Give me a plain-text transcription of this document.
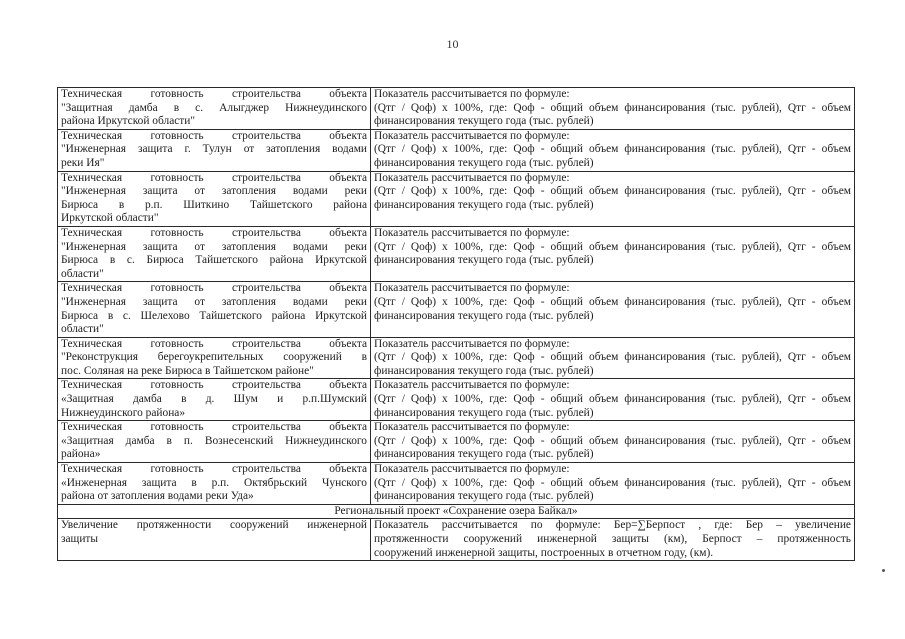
10
Техническая готовность строительства объекта
"Защитная дамба в с. Алыгджер Нижнеудинского
района Иркутской области"	Показатель рассчитывается по формуле:
(Qтг / Qоф) х 100%, где: Qоф - общий объем финансирования (тыс. рублей), Qтг - объем
финансирования текущего года (тыс. рублей)

Техническая готовность строительства объекта
"Инженерная защита г. Тулун от затопления водами
реки Ия"	Показатель рассчитывается по формуле:
(Qтг / Qоф) х 100%, где: Qоф - общий объем финансирования (тыс. рублей), Qтг - объем
финансирования текущего года (тыс. рублей)

Техническая готовность строительства объекта
"Инженерная защита от затопления водами реки
Бирюса в р.п. Шиткино Тайшетского района
Иркутской области"	Показатель рассчитывается по формуле:
(Qтг / Qоф) х 100%, где: Qоф - общий объем финансирования (тыс. рублей), Qтг - объем
финансирования текущего года (тыс. рублей)

Техническая готовность строительства объекта
"Инженерная защита от затопления водами реки
Бирюса в с. Бирюса Тайшетского района Иркутской
области"	Показатель рассчитывается по формуле:
(Qтг / Qоф) х 100%, где: Qоф - общий объем финансирования (тыс. рублей), Qтг - объем
финансирования текущего года (тыс. рублей)

Техническая готовность строительства объекта
"Инженерная защита от затопления водами реки
Бирюса в с. Шелехово Тайшетского района Иркутской
области"	Показатель рассчитывается по формуле:
(Qтг / Qоф) х 100%, где: Qоф - общий объем финансирования (тыс. рублей), Qтг - объем
финансирования текущего года (тыс. рублей)

Техническая готовность строительства объекта
"Реконструкция берегоукрепительных сооружений в
пос. Соляная на реке Бирюса в Тайшетском районе"	Показатель рассчитывается по формуле:
(Qтг / Qоф) х 100%, где: Qоф - общий объем финансирования (тыс. рублей), Qтг - объем
финансирования текущего года (тыс. рублей)

Техническая готовность строительства объекта
«Защитная дамба в д. Шум и р.п.Шумский
Нижнеудинского района»	Показатель рассчитывается по формуле:
(Qтг / Qоф) х 100%, где: Qоф - общий объем финансирования (тыс. рублей), Qтг - объем
финансирования текущего года (тыс. рублей)

Техническая готовность строительства объекта
«Защитная дамба в п. Вознесенский Нижнеудинского
района»	Показатель рассчитывается по формуле:
(Qтг / Qоф) х 100%, где: Qоф - общий объем финансирования (тыс. рублей), Qтг - объем
финансирования текущего года (тыс. рублей)

Техническая готовность строительства объекта
«Инженерная защита в р.п. Октябрьский Чунского
района от затопления водами реки Уда»	Показатель рассчитывается по формуле:
(Qтг / Qоф) х 100%, где: Qоф - общий объем финансирования (тыс. рублей), Qтг - объем
финансирования текущего года (тыс. рублей)

Региональный проект «Сохранение озера Байкал»	

Увеличение протяженности сооружений инженерной
защиты	Показатель рассчитывается по формуле: Бер=∑Берпост , где: Бер – увеличение
протяженности сооружений инженерной защиты (км), Берпост – протяженность
сооружений инженерной защиты, построенных в отчетном году, (км).
